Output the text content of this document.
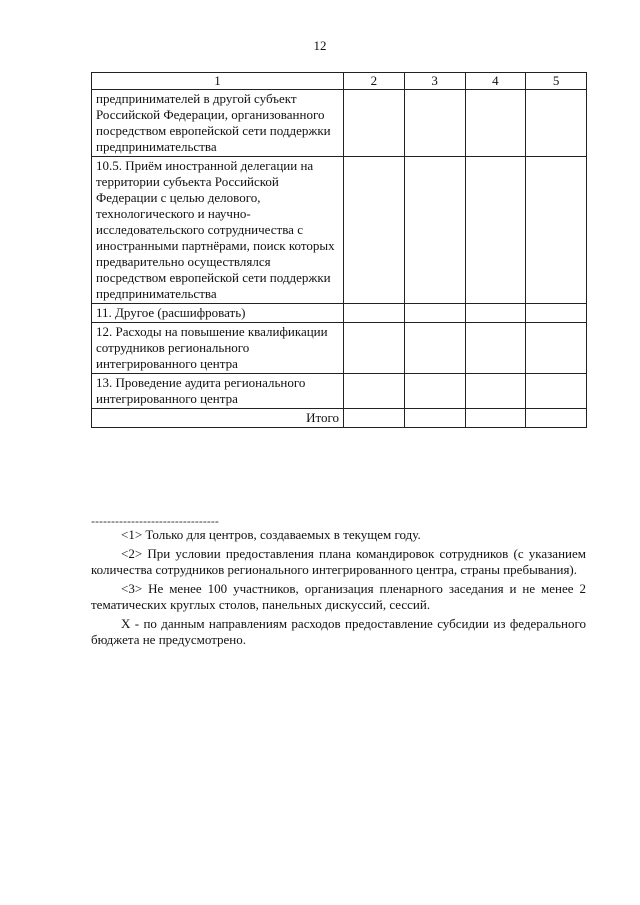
12
1	2	3	4	5
предпринимателей в другой субъект Российской Федерации, организованного посредством европейской сети поддержки предпринимательства				
10.5. Приём иностранной делегации на территории субъекта Российской Федерации с целью делового, технологического и научно-исследовательского сотрудничества с иностранными партнёрами, поиск которых предварительно осуществлялся посредством европейской сети поддержки предпринимательства				
11. Другое (расшифровать)				
12. Расходы на повышение квалификации сотрудников регионального интегрированного центра				
13. Проведение аудита регионального интегрированного центра				
Итого				
--------------------------------

<1> Только для центров, создаваемых в текущем году.

<2> При условии предоставления плана командировок сотрудников (с указанием количества сотрудников регионального интегрированного центра, страны пребывания).

<3> Не менее 100 участников, организация пленарного заседания и не менее 2 тематических круглых столов, панельных дискуссий, сессий.

X - по данным направлениям расходов предоставление субсидии из федерального бюджета не предусмотрено.
